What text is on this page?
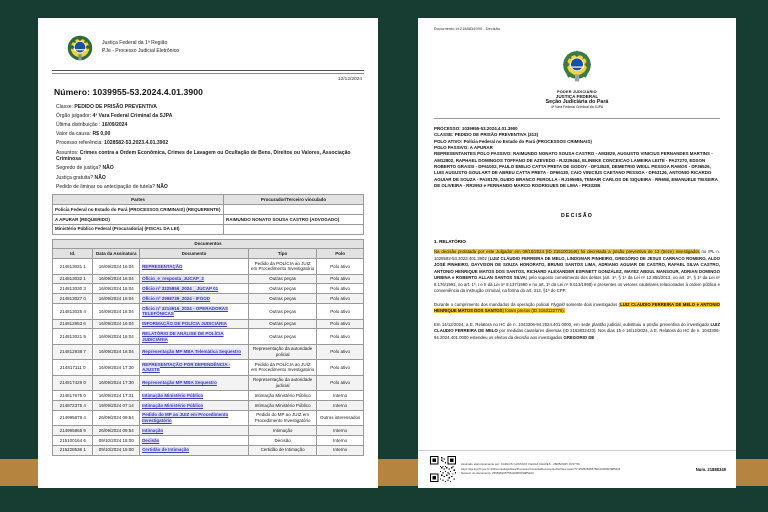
Justiça Federal da 1ª Região
PJe - Processo Judicial Eletrônico
12/12/2024
Número: 1039955-53.2024.4.01.3900
Classe: PEDIDO DE PRISÃO PREVENTIVA
Órgão julgador: 4ª Vara Federal Criminal da SJPA
Última distribuição : 16/09/2024
Valor da causa: R$ 0,00
Processo referência: 1028582-53.2023.4.01.3902
Assuntos: Crimes contra a Ordem Econômica, Crimes de Lavagem ou Ocultação de Bens, Direitos ou Valores, Associação Criminosa
Segredo de justiça? NÃO
Justiça gratuita? NÃO
Pedido de liminar ou antecipação de tutela? NÃO
Partes	Procurador/Terceiro vinculado
Polícia Federal no Estado do Pará (PROCESSOS CRIMINAIS) (REQUERENTE)	
A APURAR (REQUERIDO)	RAIMUNDO NONATO SOUSA CASTRO (ADVOGADO)
Ministério Público Federal (Procuradoria) (FISCAL DA LEI)	
Documentos				
Id.	Data da Assinatura	Documento	Tipo	Polo
214813031 1	16/09/2024 16:04	REPRESENTAÇÃO	Pedido da POLÍCIA ao JUIZ em Procedimento Investigatório	Polo ativo
214813032 1	16/09/2024 16:04	Ofício_e_resposta_JUCAP_2	Outras peças	Polo ativo
214813030 3	16/09/2024 16:04	Ofício nº 3225856_2024 _ JUCAP 01	Outras peças	Polo ativo
214813027 0	16/09/2024 16:04	Ofício nº 2998739_2024 - IFOOD	Outras peças	Polo ativo
214813025 4	16/09/2024 16:04	Ofício nº 3214916_2024 - OPERADORAS TELEFÔNICAS	Outras peças	Polo ativo
214812953 6	16/09/2024 16:04	INFORMAÇÃO DE POLÍCIA JUDICIÁRIA	Outras peças	Polo ativo
214813021 9	16/09/2024 16:04	RELATÓRIO DE ANÁLISE DE POLÍCIA JUDICIÁRIA	Outras peças	Polo ativo
214812938 7	16/09/2024 16:04	Representação MP MBA Telemática Sequestro	Representação da autoridade policial	Polo ativo
214817111 0	16/09/2024 17:30	REPRESENTAÇÃO POR DEPENDÊNCIA - AJUSTE	Pedido da POLÍCIA ao JUIZ em Procedimento Investigatório	Polo ativo
214817429 0	16/09/2024 17:30	Representação MP MBA Sequestro	Representação da autoridade judicial	Polo ativo
214817675 0	16/09/2024 17:31	Intimação Ministério Público	Intimação Ministério Público	Interno
214872375 4	19/09/2024 07:14	Intimação Ministério Público	Intimação Ministério Público	Interno
214995879 4	26/09/2024 09:54	Pedido do MP ao JUIZ em Procedimento Investigatório	Pedido do MP ao JUIZ em Procedimento Investigatório	Outros interessados
214995865 9	26/09/2024 09:54	Intimação	Intimação	Interno
215100164 6	09/10/2024 15:00	Decisão	Decisão	Interno
215228536 1	09/10/2024 15:00	Certidão de Intimação	Certidão de Intimação	Interno
Documento id:2188834990 - Decisão
PODER JUDICIÁRIO
JUSTIÇA FEDERAL
Seção Judiciária do Pará
4ª Vara Federal Criminal da SJPA
PROCESSO: 1039955-53.2024.4.01.3900
CLASSE: PEDIDO DE PRISÃO PREVENTIVA (313)
POLO ATIVO: Polícia Federal no Estado do Pará (PROCESSOS CRIMINAIS)
POLO PASSIVO: A APURAR
REPRESENTANTES POLO PASSIVO: RAIMUNDO NONATO SOUSA CASTRO - AM3829, AUGUSTO VINICIUS FERNANDES MARTINS - AM12802, RAPHAEL DOMINGOS TOFFANO DE AZEVEDO - RJ229464, ELINEKE CONCEICAO LAMEIRA LEITE - PA27270, EDSON ROBERTO GRASSI - DF61002, PAULO EMILIO CATTA PRETA DE GODOY - DF13520, DEMETRIO WEILL PESSOA RAMOS - DF36526, LUIS AUGUSTO GOULART DE ABREU CATTA PRETA - DF66130, CAIO VINICIUS CAETANO PESSOA - DF63126, ANTONIO RICARDO AGUIAR DE SOUZA - PA20178, GUIDO BRANCO FEROLLA - RJ195985, TEMAIR CARLOS DE SIQUEIRA - RR658, EMANUELE TEIXEIRA DE OLIVEIRA - RR2953 e FERNANDO MARCO RODRIGUES DE LIMA - PR33286
DECISÃO
1. RELATÓRIO
Na decisão prolatada por este Julgador em 09/10/2024 (ID 2151001646) foi decretada a prisão preventiva de 13 (treze) investigados no IPL n. 1028582-53.2023.401.3902 (LUIZ CLÁUDIO FERREIRA DE MELO, LINDOMAR PINHEIRO, GREGÓRIO DE JESUS CARRACO ROMERO, ALDO JOSÉ PINHEIRO, DAYVISON DE SOUZA HONORATO, BRUNO SANTOS LIMA, ADRIANO AGUIAR DE CASTRO, RAFAEL SILVA CASTRO, ANTONIO HENRIQUE MATOS DOS SANTOS, RICHARD ALEXANDER ESPINETT GONZÁLEZ, MAYEZ ABDUL MANSOUR, ADRIAN DOMINGO URBINA e ROBERTO ALLAN SANTOS SILVA) pelo suposto cometimento dos delitos (art. 1º, § 1º da Lei nº 12.850/2013, no art. 2º, § 1º da Lei nº 8.176/1991, no art. 1º, I e II da Lei nº 8.137/1990 e no art. 1º da Lei nº 9.613/1998) e presentes os vetores cautelares relacionados à ordem pública e conveniência da instrução criminal, na forma do art. 312, §1º do CPP.
Durante o cumprimento dos mandados da operação policial Flygold somente dois investigados (LUIZ CLAUDIO FERREIRA DE MELO e ANTONIO HENRIQUE MATOS DOS SANTOS) foram presos (ID 2163122775).
Em 14/12/2024, a E. Relatora no HC de n. 1043306-94.2024.401.0000, em sede plantão judicial, substituiu a prisão preventiva do investigado LUIZ CLAUDIO FERREIRA DE MELO por medidas cautelares diversas (ID 2163832423). Nos dias 15 e 16/12/2024, a E. Relatora do HC de n. 1043306-94.2024.401.0000 estendeu os efeitos da decisão aos investigados GREGORIO DE
Assinado eletronicamente por: CARLOS GUSTAVO CHAGA CHAVES - 28/05/2025 16:57:56
https://pje1g.trf1.jus.br:443/consultapublica/Processo/ConsultaDocumento/listView.seam?x=25052816575611000003985244
Número do documento: 25052816575611000003985244
Num. 21888349
